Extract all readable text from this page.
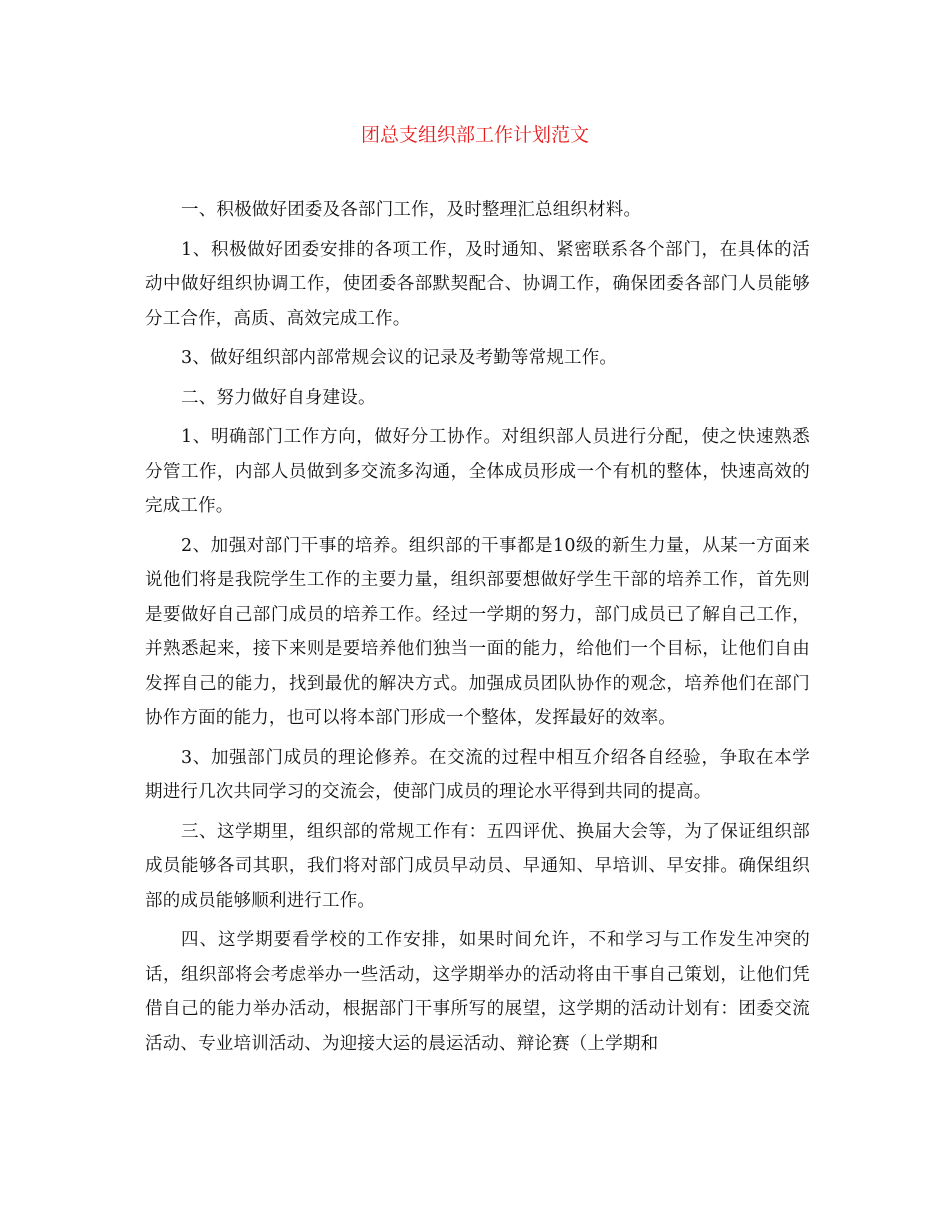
团总支组织部工作计划范文

一、积极做好团委及各部门工作，及时整理汇总组织材料。

1、积极做好团委安排的各项工作，及时通知、紧密联系各个部门，在具体的活动中做好组织协调工作，使团委各部默契配合、协调工作，确保团委各部门人员能够分工合作，高质、高效完成工作。

3、做好组织部内部常规会议的记录及考勤等常规工作。

二、努力做好自身建设。

1、明确部门工作方向，做好分工协作。对组织部人员进行分配，使之快速熟悉分管工作，内部人员做到多交流多沟通，全体成员形成一个有机的整体，快速高效的完成工作。

2、加强对部门干事的培养。组织部的干事都是10级的新生力量，从某一方面来说他们将是我院学生工作的主要力量，组织部要想做好学生干部的培养工作，首先则是要做好自己部门成员的培养工作。经过一学期的努力，部门成员已了解自己工作，并熟悉起来，接下来则是要培养他们独当一面的能力，给他们一个目标，让他们自由发挥自己的能力，找到最优的解决方式。加强成员团队协作的观念，培养他们在部门协作方面的能力，也可以将本部门形成一个整体，发挥最好的效率。

3、加强部门成员的理论修养。在交流的过程中相互介绍各自经验，争取在本学期进行几次共同学习的交流会，使部门成员的理论水平得到共同的提高。

三、这学期里，组织部的常规工作有：五四评优、换届大会等，为了保证组织部成员能够各司其职，我们将对部门成员早动员、早通知、早培训、早安排。确保组织部的成员能够顺利进行工作。

四、这学期要看学校的工作安排，如果时间允许，不和学习与工作发生冲突的话，组织部将会考虑举办一些活动，这学期举办的活动将由干事自己策划，让他们凭借自己的能力举办活动，根据部门干事所写的展望，这学期的活动计划有：团委交流活动、专业培训活动、为迎接大运的晨运活动、辩论赛（上学期和
